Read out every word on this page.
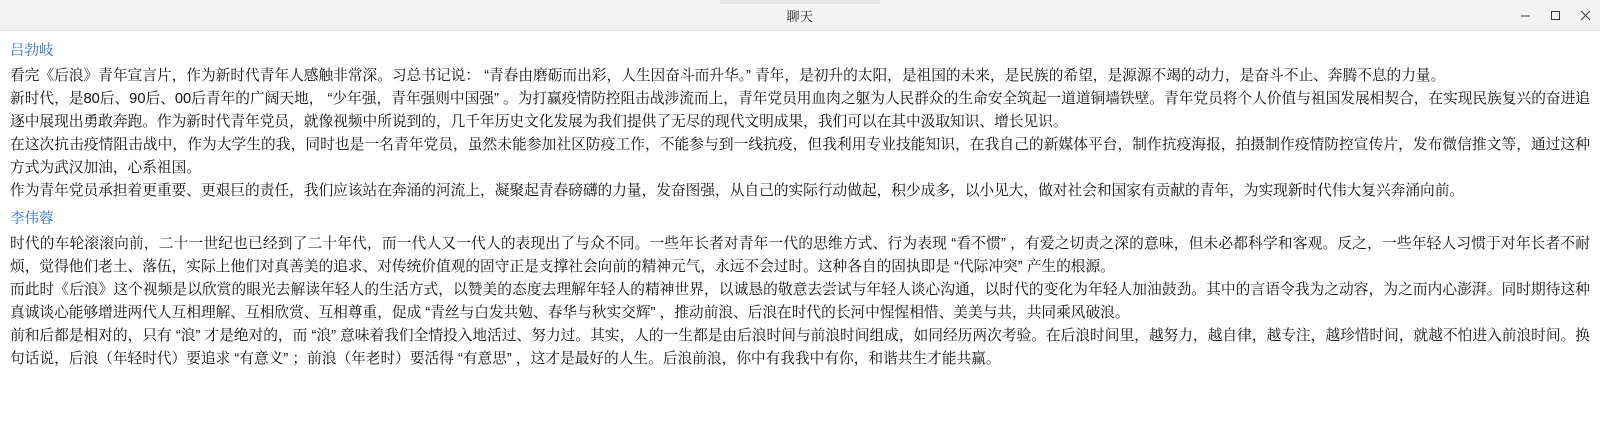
聊天
吕勃岐

看完《后浪》青年宣言片，作为新时代青年人感触非常深。习总书记说： “青春由磨砺而出彩，人生因奋斗而升华。” 青年，是初升的太阳，是祖国的未来，是民族的希望，是源源不竭的动力，是奋斗不止、奔腾不息的力量。

新时代，是80后、90后、00后青年的广阔天地， “少年强，青年强则中国强” 。为打赢疫情防控阻击战涉流而上，青年党员用血肉之躯为人民群众的生命安全筑起一道道铜墙铁壁。青年党员将个人价值与祖国发展相契合，在实现民族复兴的奋进追逐中展现出勇敢奔跑。作为新时代青年党员，就像视频中所说到的，几千年历史文化发展为我们提供了无尽的现代文明成果，我们可以在其中汲取知识、增长见识。

在这次抗击疫情阻击战中，作为大学生的我，同时也是一名青年党员，虽然未能参加社区防疫工作，不能参与到一线抗疫，但我利用专业技能知识，在我自己的新媒体平台，制作抗疫海报，拍摄制作疫情防控宣传片，发布微信推文等，通过这种方式为武汉加油，心系祖国。

作为青年党员承担着更重要、更艰巨的责任，我们应该站在奔涌的河流上，凝聚起青春磅礴的力量，发奋图强，从自己的实际行动做起，积少成多，以小见大，做对社会和国家有贡献的青年，为实现新时代伟大复兴奔涌向前。

李伟蓉

时代的车轮滚滚向前，二十一世纪也已经到了二十年代，而一代人又一代人的表现出了与众不同。一些年长者对青年一代的思维方式、行为表现 “看不惯” ，有爱之切责之深的意味，但未必都科学和客观。反之，一些年轻人习惯于对年长者不耐烦，觉得他们老土、落伍，实际上他们对真善美的追求、对传统价值观的固守正是支撑社会向前的精神元气，永远不会过时。这种各自的固执即是 “代际冲突” 产生的根源。

而此时《后浪》这个视频是以欣赏的眼光去解读年轻人的生活方式，以赞美的态度去理解年轻人的精神世界，以诚恳的敬意去尝试与年轻人谈心沟通，以时代的变化为年轻人加油鼓劲。其中的言语令我为之动容，为之而内心澎湃。同时期待这种真诚谈心能够增进两代人互相理解、互相欣赏、互相尊重，促成 “青丝与白发共勉、春华与秋实交辉” ，推动前浪、后浪在时代的长河中惺惺相惜、美美与共，共同乘风破浪。

前和后都是相对的，只有 “浪” 才是绝对的，而 “浪” 意味着我们全情投入地活过、努力过。其实，人的一生都是由后浪时间与前浪时间组成，如同经历两次考验。在后浪时间里，越努力，越自律，越专注，越珍惜时间，就越不怕进入前浪时间。换句话说，后浪（年轻时代）要追求 “有意义” ；前浪（年老时）要活得 “有意思” ，这才是最好的人生。后浪前浪，你中有我我中有你，和谐共生才能共赢。
